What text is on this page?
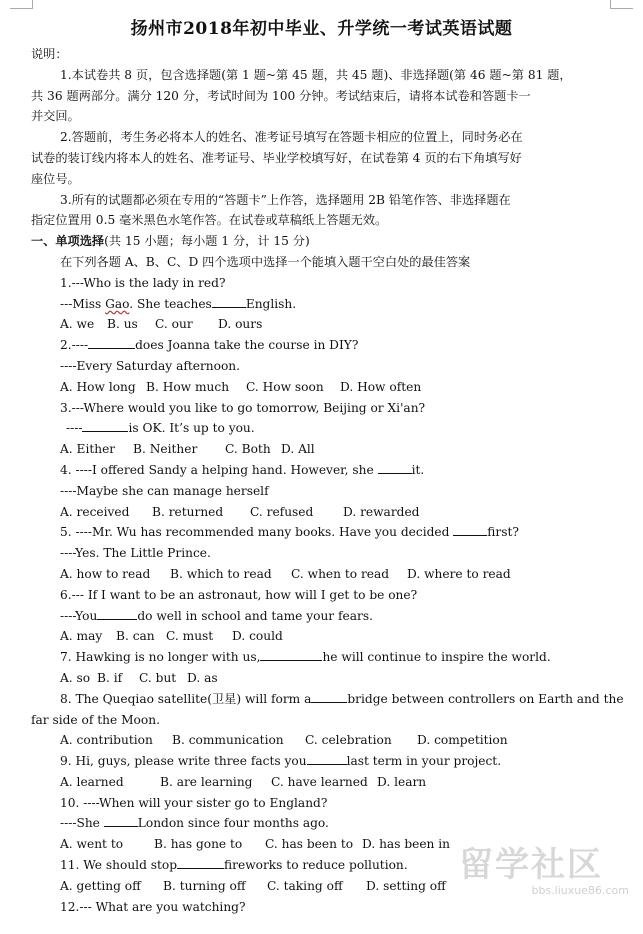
扬州市2018年初中毕业、升学统一考试英语试题
说明：
1.本试卷共 8 页，包含选择题(第 1 题~第 45 题，共 45 题)、非选择题(第 46 题~第 81 题，
共 36 题两部分。满分 120 分，考试时间为 100 分钟。考试结束后，请将本试卷和答题卡一
并交回。
2.答题前，考生务必将本人的姓名、准考证号填写在答题卡相应的位置上，同时务必在
试卷的装订线内将本人的姓名、准考证号、毕业学校填写好，在试卷第 4 页的右下角填写好
座位号。
3.所有的试题都必须在专用的“答题卡”上作答，选择题用 2B 铅笔作答、非选择题在
指定位置用 0.5 毫米黑色水笔作答。在试卷或草稿纸上答题无效。
一、单项选择(共 15 小题；每小题 1 分，计 15 分)
在下列各题 A、B、C、D 四个选项中选择一个能填入题干空白处的最佳答案
1.---Who is the lady in red?
---Miss Gao. She teaches	English.
A. we B. us C. our D. ours
2.----	does Joanna take the course in DIY?
----Every Saturday afternoon.
A. How long B. How much C. How soon D. How often
3.---Where would you like to go tomorrow, Beijing or Xi'an?
----	is OK. It’s up to you.
A. Either B. Neither C. Both D. All
4. ----I offered Sandy a helping hand. However, she	it.
----Maybe she can manage herself
A. received B. returned C. refused D. rewarded
5. ----Mr. Wu has recommended many books. Have you decided	first?
----Yes. The Little Prince.
A. how to read B. which to read C. when to read D. where to read
6.--- If I want to be an astronaut, how will I get to be one?
----You	do well in school and tame your fears.
A. may B. can C. must D. could
7. Hawking is no longer with us,	he will continue to inspire the world.
A. so B. if C. but D. as
8. The Queqiao satellite(卫星) will form a	bridge between controllers on Earth and the
far side of the Moon.
A. contribution B. communication C. celebration D. competition
9. Hi, guys, please write three facts you	last term in your project.
A. learned	B. are learning C. have learned D. learn
10. ----When will your sister go to England?
----She	London since four months ago.
A. went to	B. has gone to C. has been to D. has been in
11. We should stop	fireworks to reduce pollution.
A. getting off B. turning off C. taking off D. setting off
12.--- What are you watching?
留学社区
bbs.liuxue86.com
